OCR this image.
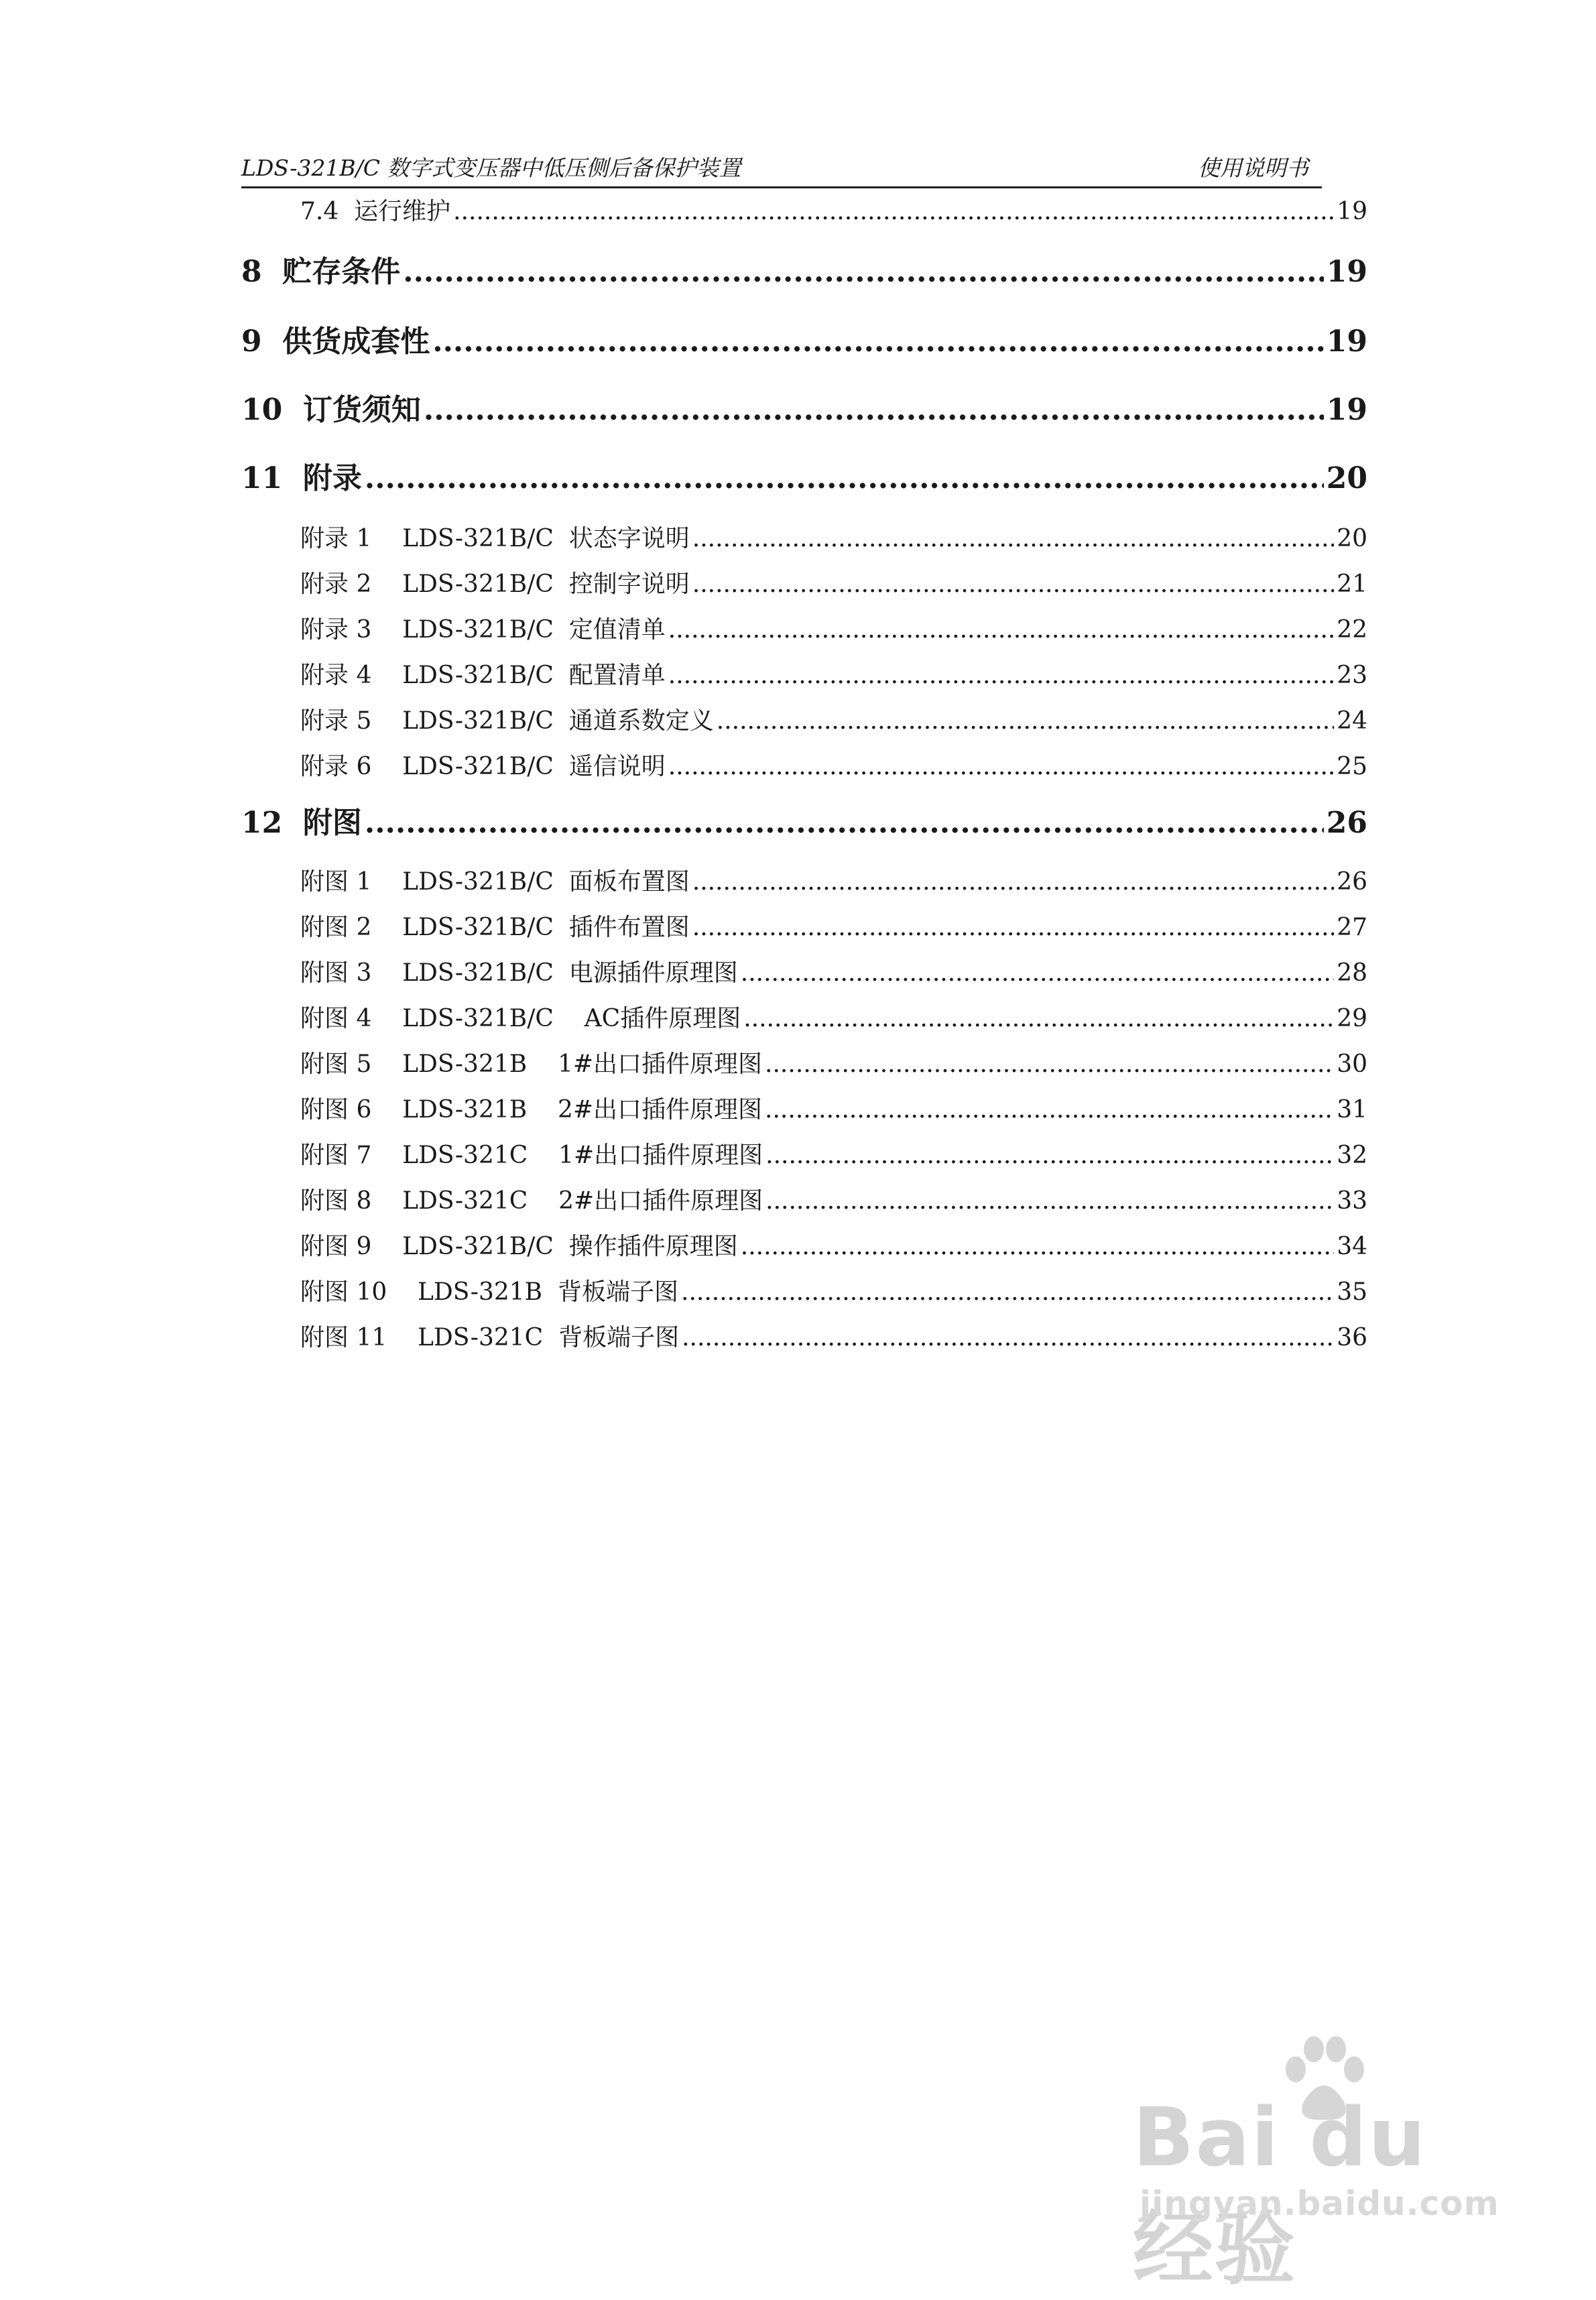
LDS-321B/C 数字式变压器中低压侧后备保护装置	使用说明书
7.4  运行维护 .....	19
8  贮存条件 .....	19
9  供货成套性 .....	19
10  订货须知 .....	19
11  附录 .....	20
附录 1    LDS-321B/C  状态字说明 .....	20
附录 2    LDS-321B/C  控制字说明 .....	21
附录 3    LDS-321B/C  定值清单 .....	22
附录 4    LDS-321B/C  配置清单 .....	23
附录 5    LDS-321B/C  通道系数定义 .....	24
附录 6    LDS-321B/C  遥信说明 .....	25
12  附图 .....	26
附图 1    LDS-321B/C  面板布置图 .....	26
附图 2    LDS-321B/C  插件布置图 .....	27
附图 3    LDS-321B/C  电源插件原理图 .....	28
附图 4    LDS-321B/C    AC插件原理图 .....	29
附图 5    LDS-321B    1#出口插件原理图 .....	30
附图 6    LDS-321B    2#出口插件原理图 .....	31
附图 7    LDS-321C    1#出口插件原理图 .....	32
附图 8    LDS-321C    2#出口插件原理图 .....	33
附图 9    LDS-321B/C  操作插件原理图 .....	34
附图 10    LDS-321B  背板端子图 .....	35
附图 11    LDS-321C  背板端子图 .....	36
Bai du 经验
jingyan.baidu.com
